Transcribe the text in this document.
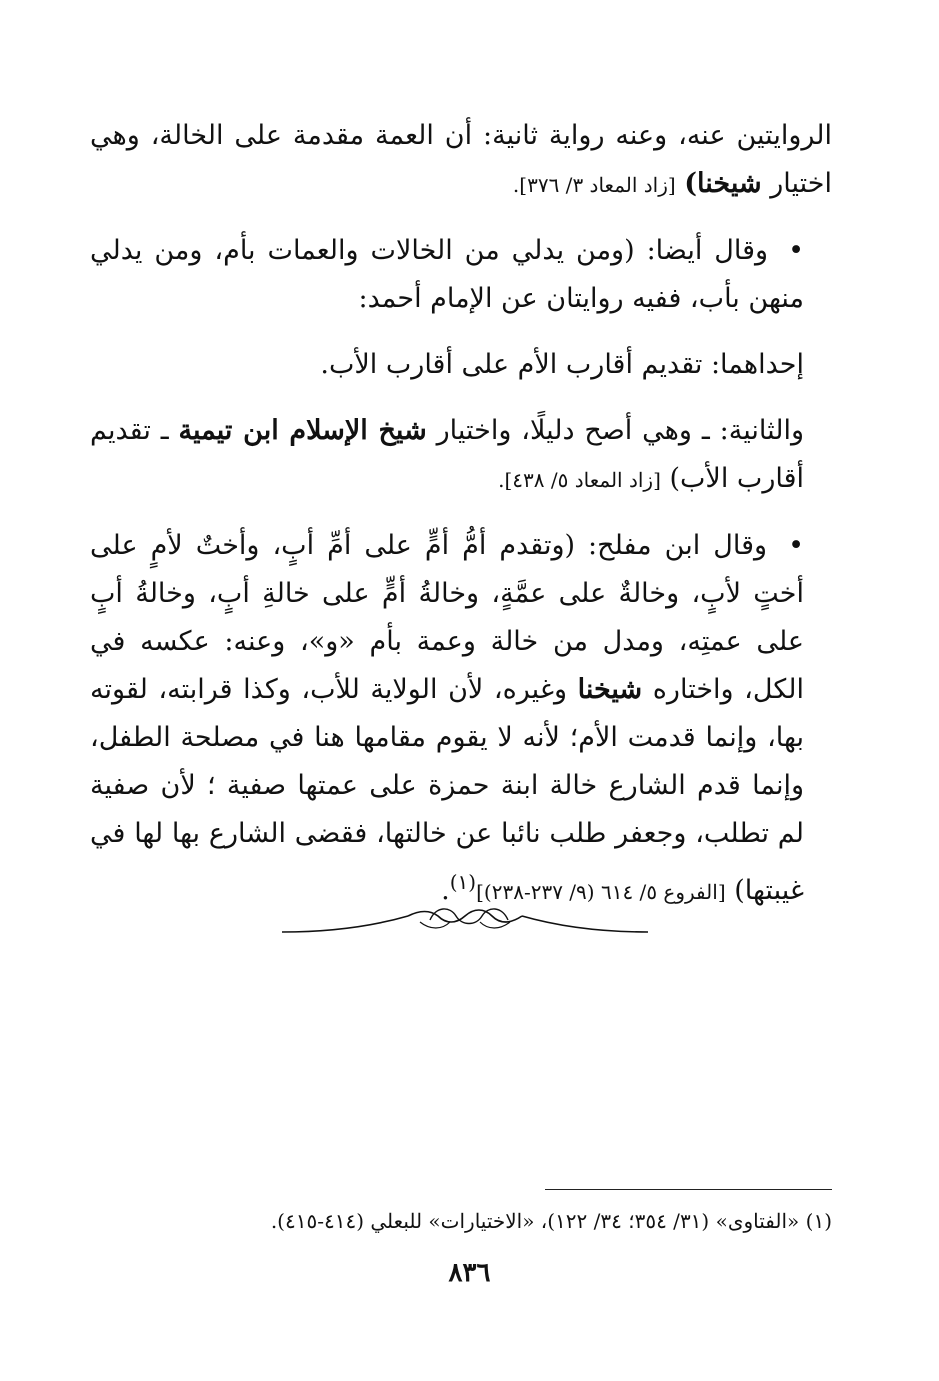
الروايتين عنه، وعنه رواية ثانية: أن العمة مقدمة على الخالة، وهي اختيار شيخنا) [زاد المعاد ٣/ ٣٧٦].

• وقال أيضا: (ومن يدلي من الخالات والعمات بأم، ومن يدلي منهن بأب، ففيه روايتان عن الإمام أحمد:

إحداهما: تقديم أقارب الأم على أقارب الأب.

والثانية: ـ وهي أصح دليلًا، واختيار شيخ الإسلام ابن تيمية ـ تقديم أقارب الأب) [زاد المعاد ٥/ ٤٣٨].

• وقال ابن مفلح: (وتقدم أمُّ أمٍّ على أمِّ أبٍ، وأختٌ لأمٍ على أختٍ لأبٍ، وخالةٌ على عمَّةٍ، وخالةُ أمٍّ على خالةِ أبٍ، وخالةُ أبٍ على عمتِه، ومدل من خالة وعمة بأم «و»، وعنه: عكسه في الكل، واختاره شيخنا وغيره، لأن الولاية للأب، وكذا قرابته، لقوته بها، وإنما قدمت الأم؛ لأنه لا يقوم مقامها هنا في مصلحة الطفل، وإنما قدم الشارع خالة ابنة حمزة على عمتها صفية ؛ لأن صفية لم تطلب، وجعفر طلب نائبا عن خالتها، فقضى الشارع بها لها في غيبتها) [الفروع ٥/ ٦١٤ (٩/ ٢٣٧-٢٣٨)]$^{(١)}$.

(١) «الفتاوى» (٣١/ ٣٥٤؛ ٣٤/ ١٢٢)، «الاختيارات» للبعلي (٤١٤-٤١٥).
٨٣٦
